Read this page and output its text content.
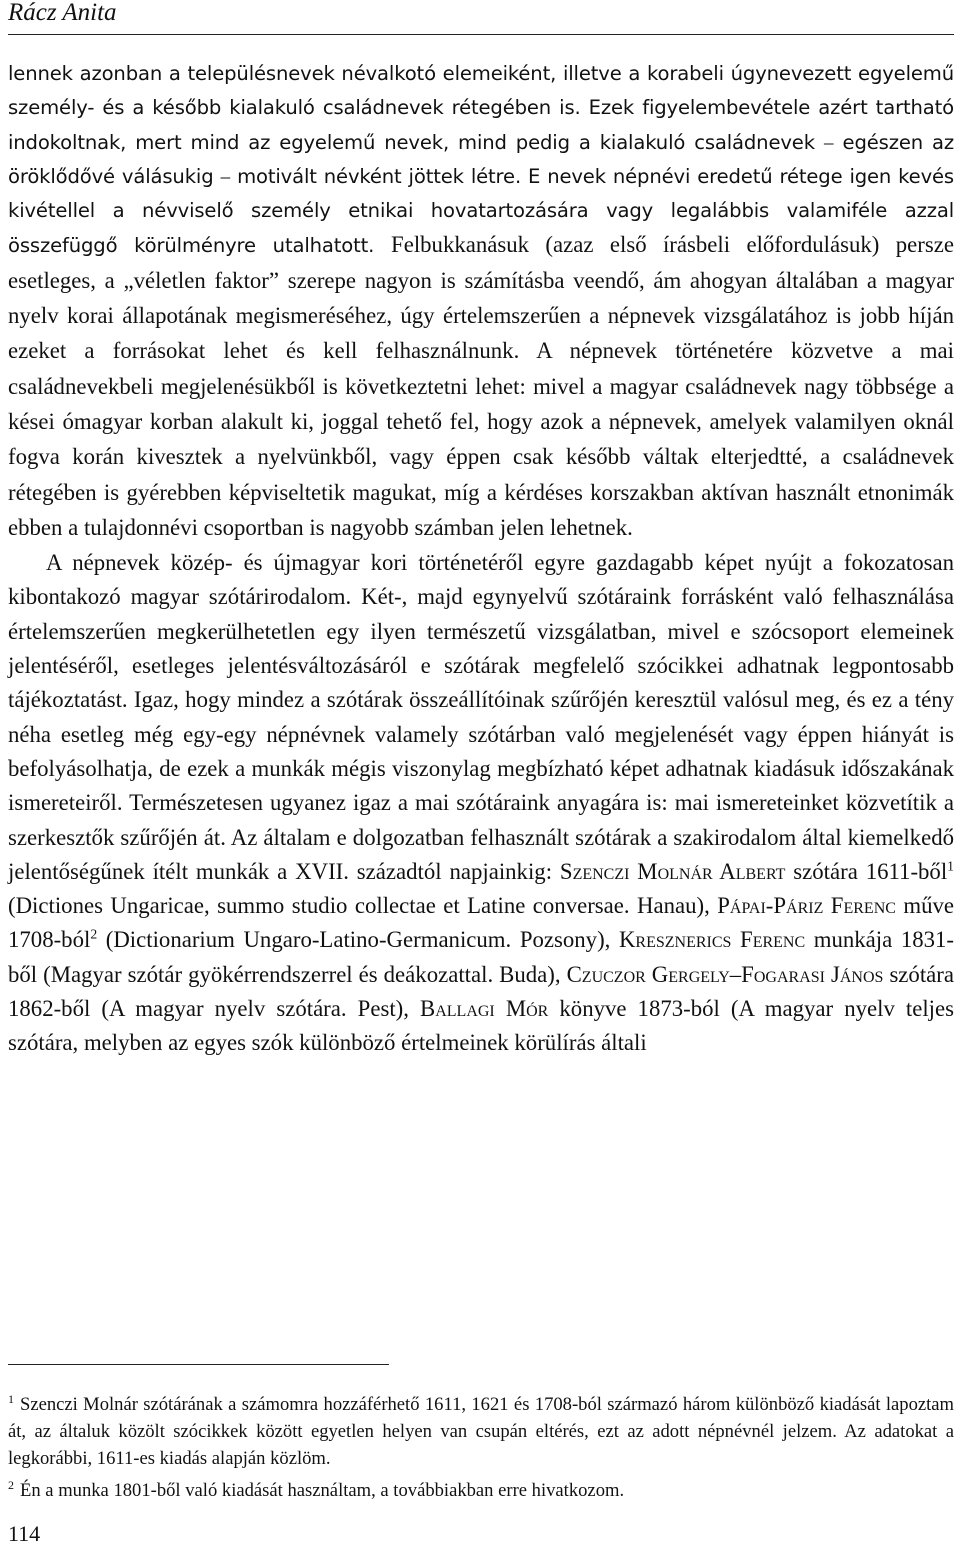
Rácz Anita

lennek azonban a településnevek névalkotó elemeiként, illetve a korabeli úgynevezett egyelemű személy- és a később kialakuló családnevek rétegében is. Ezek figyelembevétele azért tartható indokoltnak, mert mind az egyelemű nevek, mind pedig a kialakuló családnevek ⎯ egészen az öröklődővé válásukig ⎯ motivált névként jöttek létre. E nevek népnévi eredetű rétege igen kevés kivétellel a névviselő személy etnikai hovatartozására vagy legalábbis valamiféle azzal összefüggő körülményre utalhatott. Felbukkanásuk (azaz első írásbeli előfordulásuk) persze esetleges, a „véletlen faktor” szerepe nagyon is számításba veendő, ám ahogyan általában a magyar nyelv korai állapotának megismeréséhez, úgy értelemszerűen a népnevek vizsgálatához is jobb híján ezeket a forrásokat lehet és kell felhasználnunk. A népnevek történetére közvetve a mai családnevekbeli megjelenésükből is következtetni lehet: mivel a magyar családnevek nagy többsége a kései ómagyar korban alakult ki, joggal tehető fel, hogy azok a népnevek, amelyek valamilyen oknál fogva korán kivesztek a nyelvünkből, vagy éppen csak később váltak elterjedtté, a családnevek rétegében is gyérebben képviseltetik magukat, míg a kérdéses korszakban aktívan használt etnonimák ebben a tulajdonnévi csoportban is nagyobb számban jelen lehetnek.

A népnevek közép- és újmagyar kori történetéről egyre gazdagabb képet nyújt a fokozatosan kibontakozó magyar szótárirodalom. Két-, majd egynyelvű szótáraink forrásként való felhasználása értelemszerűen megkerülhetetlen egy ilyen természetű vizsgálatban, mivel e szócsoport elemeinek jelentéséről, esetleges jelentésváltozásáról e szótárak megfelelő szócikkei adhatnak legpontosabb tájékoztatást. Igaz, hogy mindez a szótárak összeállítóinak szűrőjén keresztül valósul meg, és ez a tény néha esetleg még egy-egy népnévnek valamely szótárban való megjelenését vagy éppen hiányát is befolyásolhatja, de ezek a munkák mégis viszonylag megbízható képet adhatnak kiadásuk időszakának ismereteiről. Természetesen ugyanez igaz a mai szótáraink anyagára is: mai ismereteinket közvetítik a szerkesztők szűrőjén át. Az általam e dolgozatban felhasznált szótárak a szakirodalom által kiemelkedő jelentőségűnek ítélt munkák a XVII. századtól napjainkig: Szenczi Molnár Albert szótára 1611-ből$^1$ (Dictiones Ungaricae, summo studio collectae et Latine conversae. Hanau), Pápai-Páriz Ferenc műve 1708-ból$^2$ (Dictionarium Ungaro-Latino-Germanicum. Pozsony), Kresznerics Ferenc munkája 1831-ből (Magyar szótár gyökérrendszerrel és deákozattal. Buda), Czuczor Gergely–Fogarasi János szótára 1862-ből (A magyar nyelv szótára. Pest), Ballagi Mór könyve 1873-ból (A magyar nyelv teljes szótára, melyben az egyes szók különböző értelmeinek körülírás általi

$^1$ Szenczi Molnár szótárának a számomra hozzáférhető 1611, 1621 és 1708-ból származó három különböző kiadását lapoztam át, az általuk közölt szócikkek között egyetlen helyen van csupán eltérés, ezt az adott népnévnél jelzem. Az adatokat a legkorábbi, 1611-es kiadás alapján közlöm.

$^2$ Én a munka 1801-ből való kiadását használtam, a továbbiakban erre hivatkozom.

114
